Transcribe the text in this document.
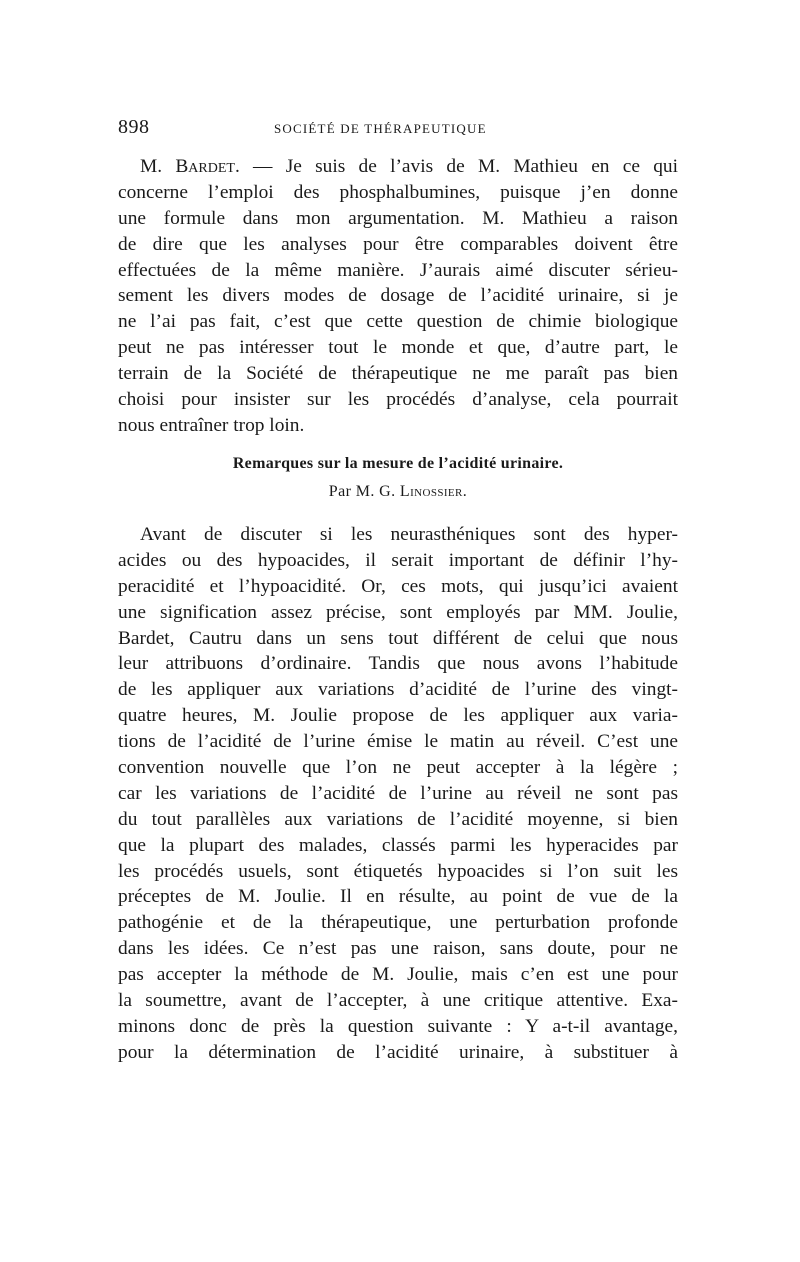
898	SOCIÉTÉ DE THÉRAPEUTIQUE
M. Bardet. — Je suis de l’avis de M. Mathieu en ce qui
concerne l’emploi des phosphalbumines, puisque j’en donne
une formule dans mon argumentation. M. Mathieu a raison
de dire que les analyses pour être comparables doivent être
effectuées de la même manière. J’aurais aimé discuter sérieu-
sement les divers modes de dosage de l’acidité urinaire, si je
ne l’ai pas fait, c’est que cette question de chimie biologique
peut ne pas intéresser tout le monde et que, d’autre part, le
terrain de la Société de thérapeutique ne me paraît pas bien
choisi pour insister sur les procédés d’analyse, cela pourrait
nous entraîner trop loin.
Remarques sur la mesure de l’acidité urinaire.
Par M. G. Linossier.
Avant de discuter si les neurasthéniques sont des hyper-
acides ou des hypoacides, il serait important de définir l’hy-
peracidité et l’hypoacidité. Or, ces mots, qui jusqu’ici avaient
une signification assez précise, sont employés par MM. Joulie,
Bardet, Cautru dans un sens tout différent de celui que nous
leur attribuons d’ordinaire. Tandis que nous avons l’habitude
de les appliquer aux variations d’acidité de l’urine des vingt-
quatre heures, M. Joulie propose de les appliquer aux varia-
tions de l’acidité de l’urine émise le matin au réveil. C’est une
convention nouvelle que l’on ne peut accepter à la légère ;
car les variations de l’acidité de l’urine au réveil ne sont pas
du tout parallèles aux variations de l’acidité moyenne, si bien
que la plupart des malades, classés parmi les hyperacides par
les procédés usuels, sont étiquetés hypoacides si l’on suit les
préceptes de M. Joulie. Il en résulte, au point de vue de la
pathogénie et de la thérapeutique, une perturbation profonde
dans les idées. Ce n’est pas une raison, sans doute, pour ne
pas accepter la méthode de M. Joulie, mais c’en est une pour
la soumettre, avant de l’accepter, à une critique attentive. Exa-
minons donc de près la question suivante : Y a-t-il avantage,
pour la détermination de l’acidité urinaire, à substituer à
